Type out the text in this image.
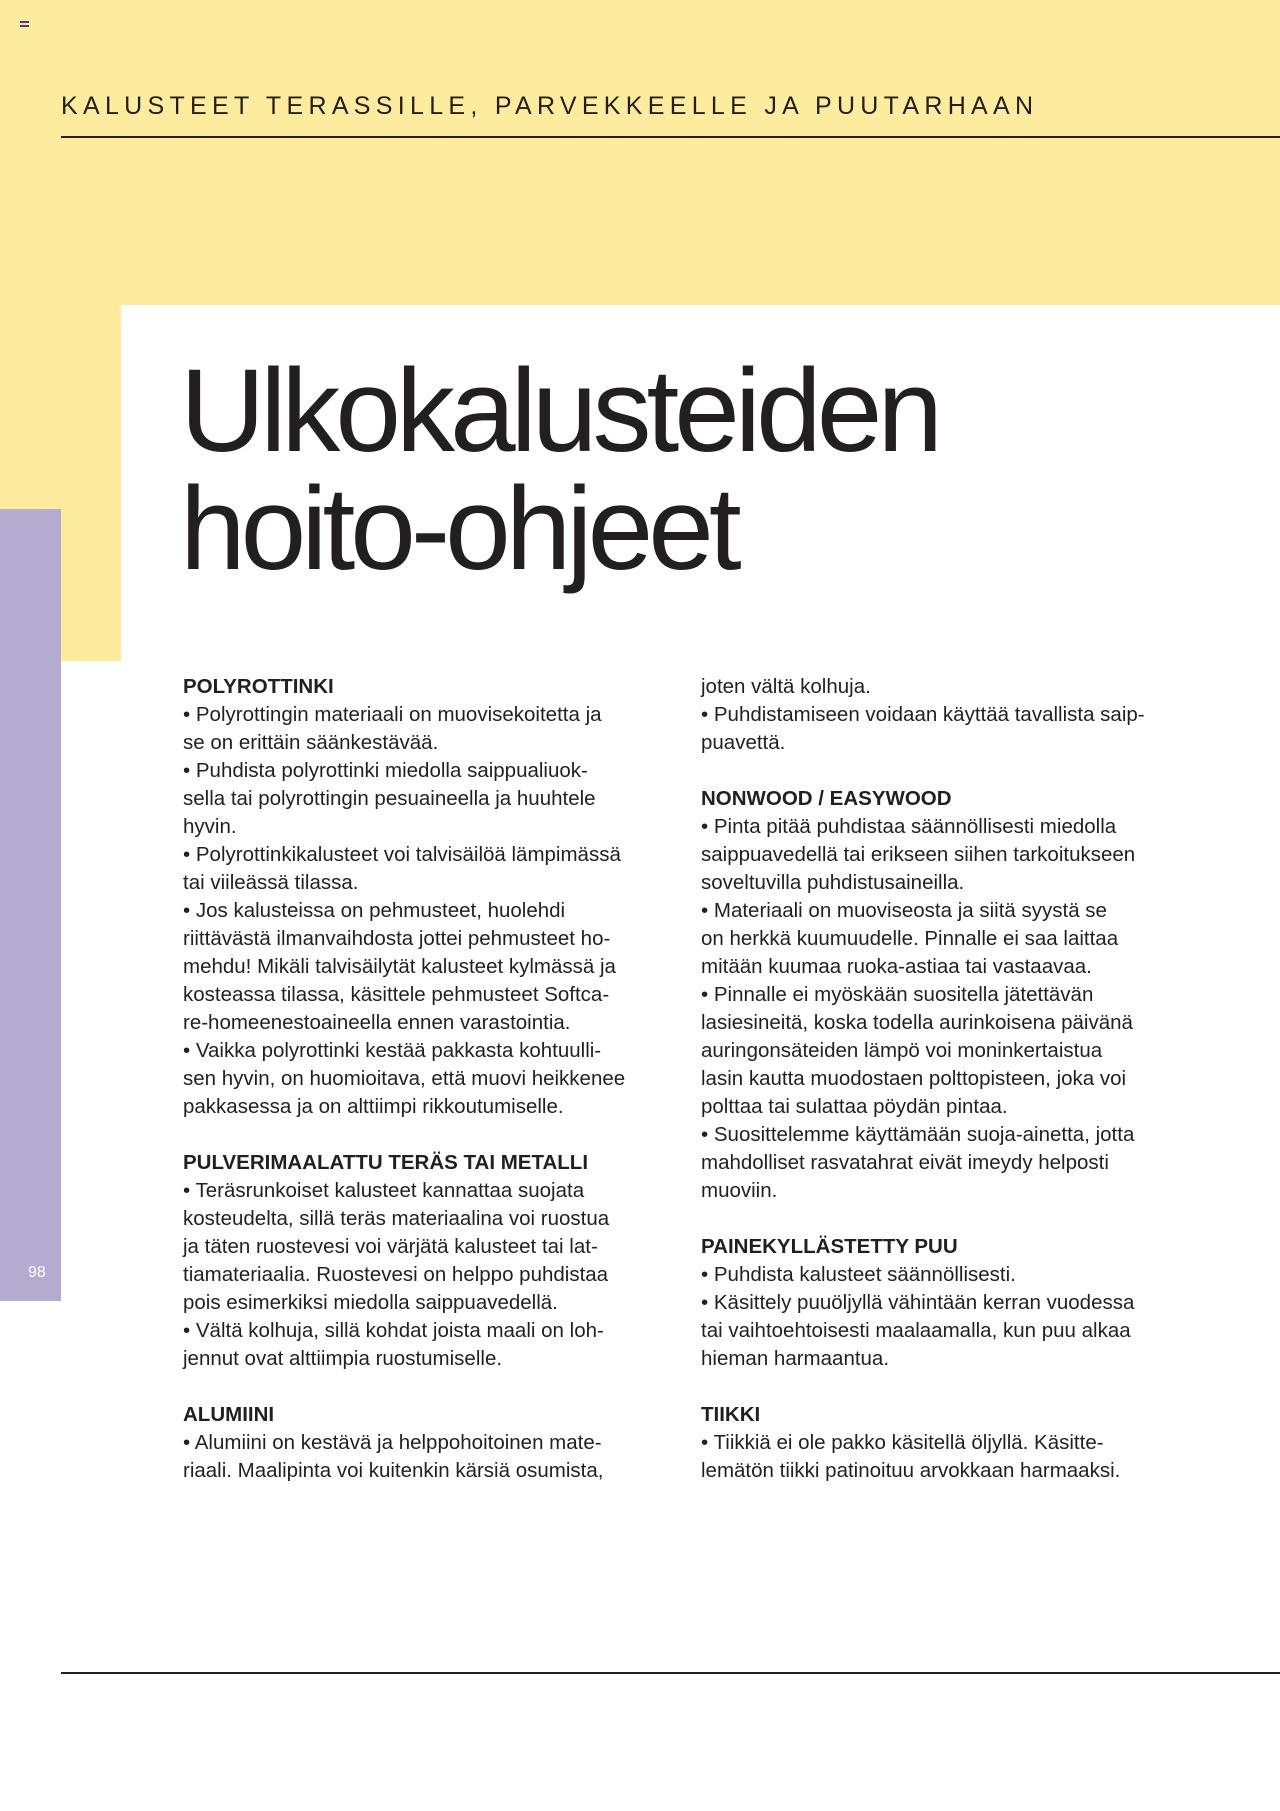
KALUSTEET TERASSILLE, PARVEKKEELLE JA PUUTARHAAN
Ulkokalusteiden
hoito-ohjeet
98
POLYROTTINKI

• Polyrottingin materiaali on muovisekoitetta ja

se on erittäin säänkestävää.

• Puhdista polyrottinki miedolla saippualiuok-

sella tai polyrottingin pesuaineella ja huuhtele

hyvin.

• Polyrottinkikalusteet voi talvisäilöä lämpimässä

tai viileässä tilassa.

• Jos kalusteissa on pehmusteet, huolehdi

riittävästä ilmanvaihdosta jottei pehmusteet ho-

mehdu! Mikäli talvisäilytät kalusteet kylmässä ja

kosteassa tilassa, käsittele pehmusteet Softca-

re-homeenestoaineella ennen varastointia.

• Vaikka polyrottinki kestää pakkasta kohtuulli-

sen hyvin, on huomioitava, että muovi heikkenee

pakkasessa ja on alttiimpi rikkoutumiselle.

PULVERIMAALATTU TERÄS TAI METALLI

• Teräsrunkoiset kalusteet kannattaa suojata

kosteudelta, sillä teräs materiaalina voi ruostua

ja täten ruostevesi voi värjätä kalusteet tai lat-

tiamateriaalia. Ruostevesi on helppo puhdistaa

pois esimerkiksi miedolla saippuavedellä.

• Vältä kolhuja, sillä kohdat joista maali on loh-

jennut ovat alttiimpia ruostumiselle.

ALUMIINI

• Alumiini on kestävä ja helppohoitoinen mate-

riaali. Maalipinta voi kuitenkin kärsiä osumista,

joten vältä kolhuja.

• Puhdistamiseen voidaan käyttää tavallista saip-

puavettä.

NONWOOD / EASYWOOD

• Pinta pitää puhdistaa säännöllisesti miedolla

saippuavedellä tai erikseen siihen tarkoitukseen

soveltuvilla puhdistusaineilla.

• Materiaali on muoviseosta ja siitä syystä se

on herkkä kuumuudelle. Pinnalle ei saa laittaa

mitään kuumaa ruoka-astiaa tai vastaavaa.

• Pinnalle ei myöskään suositella jätettävän

lasiesineitä, koska todella aurinkoisena päivänä

auringonsäteiden lämpö voi moninkertaistua

lasin kautta muodostaen polttopisteen, joka voi

polttaa tai sulattaa pöydän pintaa.

• Suosittelemme käyttämään suoja-ainetta, jotta

mahdolliset rasvatahrat eivät imeydy helposti

muoviin.

PAINEKYLLÄSTETTY PUU

• Puhdista kalusteet säännöllisesti.

• Käsittely puuöljyllä vähintään kerran vuodessa

tai vaihtoehtoisesti maalaamalla, kun puu alkaa

hieman harmaantua.

TIIKKI

• Tiikkiä ei ole pakko käsitellä öljyllä. Käsitte-

lemätön tiikki patinoituu arvokkaan harmaaksi.
